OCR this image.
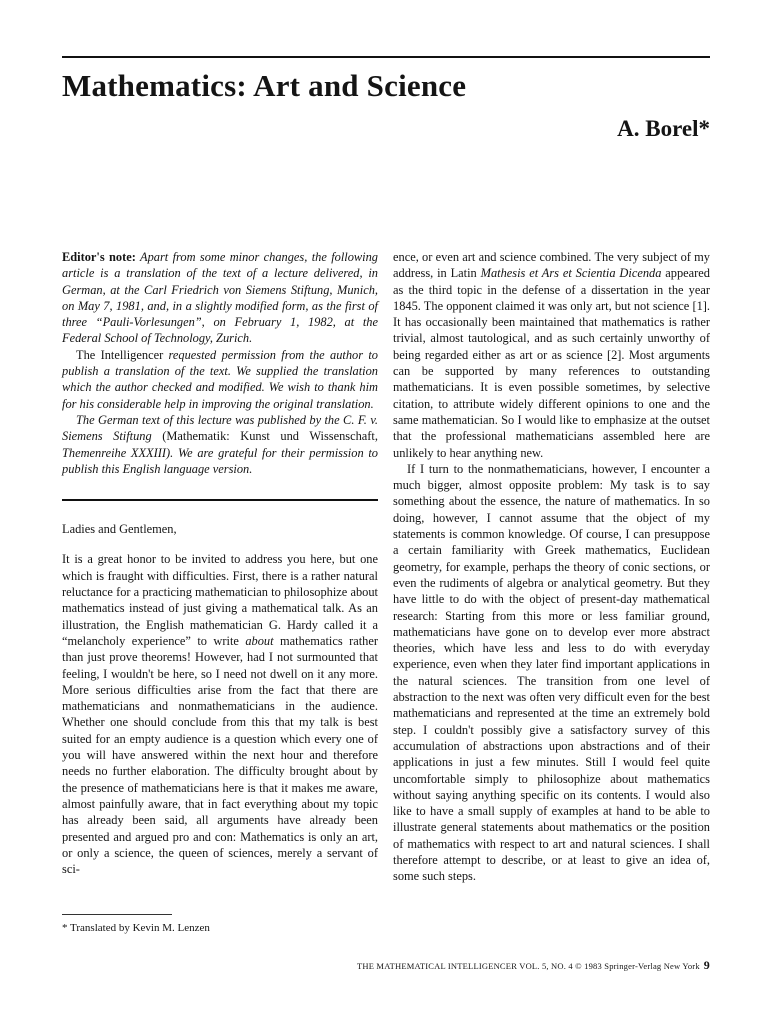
Mathematics: Art and Science
A. Borel*

Editor's note: Apart from some minor changes, the following article is a translation of the text of a lecture delivered, in German, at the Carl Friedrich von Siemens Stiftung, Munich, on May 7, 1981, and, in a slightly modified form, as the first of three “Pauli-Vorlesungen”, on February 1, 1982, at the Federal School of Technology, Zurich.

The Intelligencer requested permission from the author to publish a translation of the text. We supplied the translation which the author checked and modified. We wish to thank him for his considerable help in improving the original translation.

The German text of this lecture was published by the C. F. v. Siemens Stiftung (Mathematik: Kunst und Wissenschaft, Themenreihe XXXIII). We are grateful for their permission to publish this English language version.

Ladies and Gentlemen,

It is a great honor to be invited to address you here, but one which is fraught with difficulties. First, there is a rather natural reluctance for a practicing mathematician to philosophize about mathematics instead of just giving a mathematical talk. As an illustration, the English mathematician G. Hardy called it a “melancholy experience” to write about mathematics rather than just prove theorems! However, had I not surmounted that feeling, I wouldn't be here, so I need not dwell on it any more. More serious difficulties arise from the fact that there are mathematicians and nonmathematicians in the audience. Whether one should conclude from this that my talk is best suited for an empty audience is a question which every one of you will have answered within the next hour and therefore needs no further elaboration. The difficulty brought about by the presence of mathematicians here is that it makes me aware, almost painfully aware, that in fact everything about my topic has already been said, all arguments have already been presented and argued pro and con: Mathematics is only an art, or only a science, the queen of sciences, merely a servant of sci-

ence, or even art and science combined. The very subject of my address, in Latin Mathesis et Ars et Scientia Dicenda appeared as the third topic in the defense of a dissertation in the year 1845. The opponent claimed it was only art, but not science [1]. It has occasionally been maintained that mathematics is rather trivial, almost tautological, and as such certainly unworthy of being regarded either as art or as science [2]. Most arguments can be supported by many references to outstanding mathematicians. It is even possible sometimes, by selective citation, to attribute widely different opinions to one and the same mathematician. So I would like to emphasize at the outset that the professional mathematicians assembled here are unlikely to hear anything new.

If I turn to the nonmathematicians, however, I encounter a much bigger, almost opposite problem: My task is to say something about the essence, the nature of mathematics. In so doing, however, I cannot assume that the object of my statements is common knowledge. Of course, I can presuppose a certain familiarity with Greek mathematics, Euclidean geometry, for example, perhaps the theory of conic sections, or even the rudiments of algebra or analytical geometry. But they have little to do with the object of present-day mathematical research: Starting from this more or less familiar ground, mathematicians have gone on to develop ever more abstract theories, which have less and less to do with everyday experience, even when they later find important applications in the natural sciences. The transition from one level of abstraction to the next was often very difficult even for the best mathematicians and represented at the time an extremely bold step. I couldn't possibly give a satisfactory survey of this accumulation of abstractions upon abstractions and of their applications in just a few minutes. Still I would feel quite uncomfortable simply to philosophize about mathematics without saying anything specific on its contents. I would also like to have a small supply of examples at hand to be able to illustrate general statements about mathematics or the position of mathematics with respect to art and natural sciences. I shall therefore attempt to describe, or at least to give an idea of, some such steps.

* Translated by Kevin M. Lenzen
THE MATHEMATICAL INTELLIGENCER VOL. 5, NO. 4 © 1983 Springer-Verlag New York 9
